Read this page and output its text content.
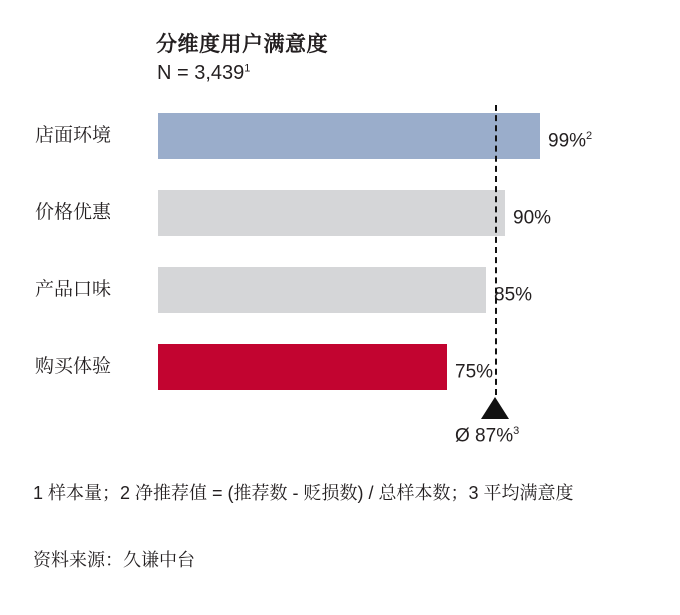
分维度用户满意度
$N = 3,439^1$
店面环境	99%$^2$
价格优惠	90%
产品口味	85%
购买体验	75%
Ø 87%$^3$
1 样本量；2 净推荐值 = (推荐数 - 贬损数) / 总样本数；3 平均满意度
资料来源：久谦中台
